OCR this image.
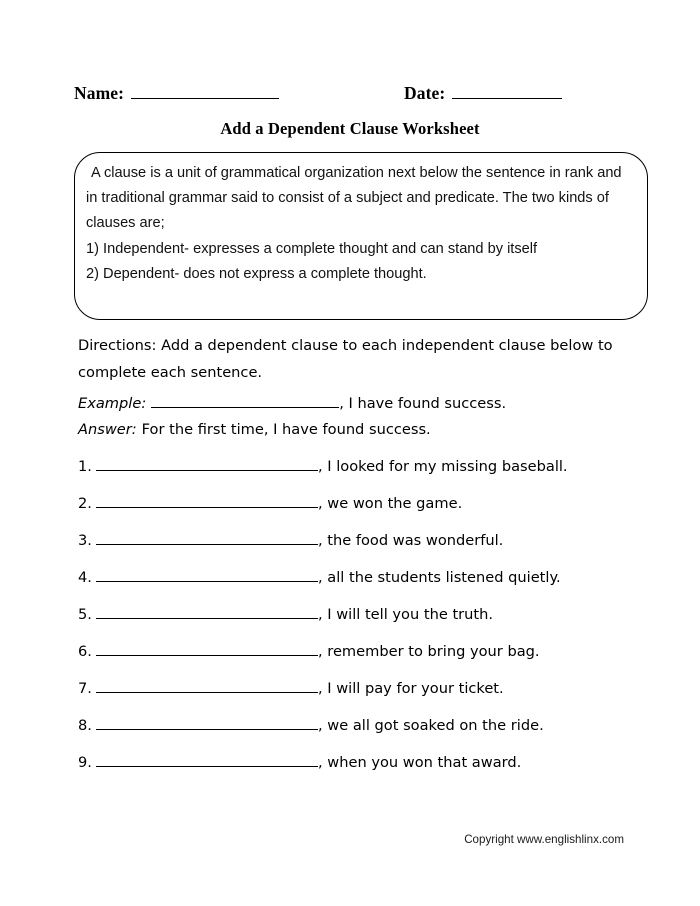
Name:	Date:
Add a Dependent Clause Worksheet

A clause is a unit of grammatical organization next below the sentence in rank and in traditional grammar said to consist of a subject and predicate. The two kinds of clauses are;

1) Independent- expresses a complete thought and can stand by itself

2) Dependent- does not express a complete thought.

Directions: Add a dependent clause to each independent clause below to complete each sentence.
Example:	, I have found success.
Answer: For the first time, I have found success.
1.	, I looked for my missing baseball.
2.	, we won the game.
3.	, the food was wonderful.
4.	, all the students listened quietly.
5.	, I will tell you the truth.
6.	, remember to bring your bag.
7.	, I will pay for your ticket.
8.	, we all got soaked on the ride.
9.	, when you won that award.
Copyright www.englishlinx.com
